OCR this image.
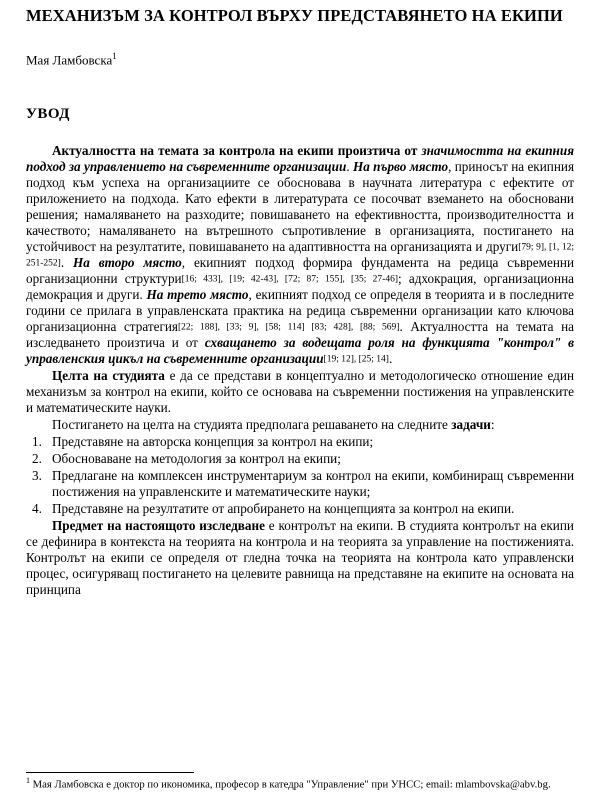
МЕХАНИЗЪМ ЗА КОНТРОЛ ВЪРХУ ПРЕДСТАВЯНЕТО НА ЕКИПИ

Мая Ламбовска$^1$

УВОД

Актуалността на темата за контрола на екипи произтича от значимостта на екипния подход за управлението на съвременните организации. На първо място, приносът на екипния подход към успеха на организациите се обосновава в научната литература с ефектите от приложението на подхода. Като ефекти в литературата се посочват вземането на обосновани решения; намаляването на разходите; повишаването на ефективността, производителността и качеството; намаляването на вътрешното съпротивление в организацията, постигането на устойчивост на резултатите, повишаването на адаптивността на организацията и други[79; 9], [1, 12; 251-252]. На второ място, екипният подход формира фундамента на редица съвременни организационни структури[16; 433], [19; 42-43], [72; 87; 155], [35; 27-46]; адхокрация, организационна демокрация и други. На трето място, екипният подход се определя в теорията и в последните години се прилага в управленската практика на редица съвременни организации като ключова организационна стратегия[22; 188], [33; 9], [58; 114] [83; 428], [88; 569]. Актуалността на темата на изследването произтича и от схващането за водещата роля на функцията "контрол" в управленския цикъл на съвременните организации[19; 12], [25; 14].

Целта на студията е да се представи в концептуално и методологическо отношение един механизъм за контрол на екипи, който се основава на съвременни постижения на управленските и математическите науки.

Постигането на целта на студията предполага решаването на следните задачи:

Представяне на авторска концепция за контрол на екипи;
Обосноваване на методология за контрол на екипи;
Предлагане на комплексен инструментариум за контрол на екипи, комбиниращ съвременни постижения на управленските и математическите науки;
Представяне на резултатите от апробирането на концепцията за контрол на екипи.

Предмет на настоящото изследване е контролът на екипи. В студията контролът на екипи се дефинира в контекста на теорията на контрола и на теорията за управление на постиженията. Контролът на екипи се определя от гледна точка на теорията на контрола като управленски процес, осигуряващ постигането на целевите равнища на представяне на екипите на основата на принципа

$^1$ Мая Ламбовска е доктор по икономика, професор в катедра "Управление" при УНСС; email: mlambovska@abv.bg.
